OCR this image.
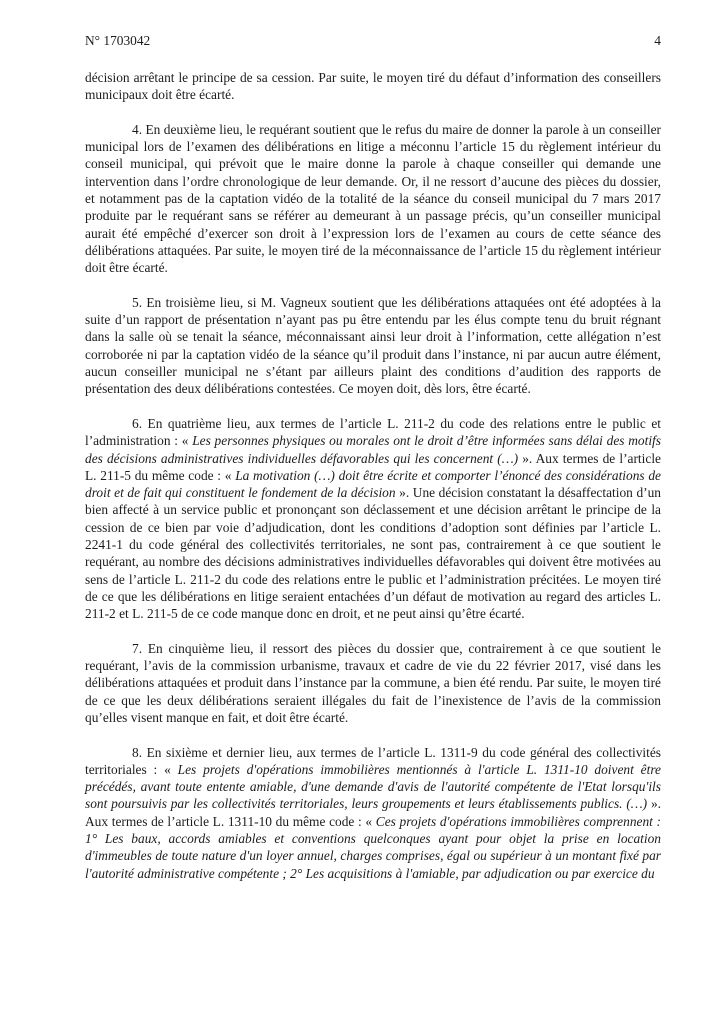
N° 1703042	4

décision arrêtant le principe de sa cession. Par suite, le moyen tiré du défaut d’information des conseillers municipaux doit être écarté.

4. En deuxième lieu, le requérant soutient que le refus du maire de donner la parole à un conseiller municipal lors de l’examen des délibérations en litige a méconnu l’article 15 du règlement intérieur du conseil municipal, qui prévoit que le maire donne la parole à chaque conseiller qui demande une intervention dans l’ordre chronologique de leur demande. Or, il ne ressort d’aucune des pièces du dossier, et notamment pas de la captation vidéo de la totalité de la séance du conseil municipal du 7 mars 2017 produite par le requérant sans se référer au demeurant à un passage précis, qu’un conseiller municipal aurait été empêché d’exercer son droit à l’expression lors de l’examen au cours de cette séance des délibérations attaquées. Par suite, le moyen tiré de la méconnaissance de l’article 15 du règlement intérieur doit être écarté.

5. En troisième lieu, si M. Vagneux soutient que les délibérations attaquées ont été adoptées à la suite d’un rapport de présentation n’ayant pas pu être entendu par les élus compte tenu du bruit régnant dans la salle où se tenait la séance, méconnaissant ainsi leur droit à l’information, cette allégation n’est corroborée ni par la captation vidéo de la séance qu’il produit dans l’instance, ni par aucun autre élément, aucun conseiller municipal ne s’étant par ailleurs plaint des conditions d’audition des rapports de présentation des deux délibérations contestées. Ce moyen doit, dès lors, être écarté.

6. En quatrième lieu, aux termes de l’article L. 211-2 du code des relations entre le public et l’administration : « Les personnes physiques ou morales ont le droit d’être informées sans délai des motifs des décisions administratives individuelles défavorables qui les concernent (…) ». Aux termes de l’article L. 211-5 du même code : « La motivation (…) doit être écrite et comporter l’énoncé des considérations de droit et de fait qui constituent le fondement de la décision ». Une décision constatant la désaffectation d’un bien affecté à un service public et prononçant son déclassement et une décision arrêtant le principe de la cession de ce bien par voie d’adjudication, dont les conditions d’adoption sont définies par l’article L. 2241-1 du code général des collectivités territoriales, ne sont pas, contrairement à ce que soutient le requérant, au nombre des décisions administratives individuelles défavorables qui doivent être motivées au sens de l’article L. 211-2 du code des relations entre le public et l’administration précitées. Le moyen tiré de ce que les délibérations en litige seraient entachées d’un défaut de motivation au regard des articles L. 211-2 et L. 211-5 de ce code manque donc en droit, et ne peut ainsi qu’être écarté.

7. En cinquième lieu, il ressort des pièces du dossier que, contrairement à ce que soutient le requérant, l’avis de la commission urbanisme, travaux et cadre de vie du 22 février 2017, visé dans les délibérations attaquées et produit dans l’instance par la commune, a bien été rendu. Par suite, le moyen tiré de ce que les deux délibérations seraient illégales du fait de l’inexistence de l’avis de la commission qu’elles visent manque en fait, et doit être écarté.

8. En sixième et dernier lieu, aux termes de l’article L. 1311-9 du code général des collectivités territoriales : « Les projets d'opérations immobilières mentionnés à l'article L. 1311-10 doivent être précédés, avant toute entente amiable, d'une demande d'avis de l'autorité compétente de l'Etat lorsqu'ils sont poursuivis par les collectivités territoriales, leurs groupements et leurs établissements publics. (…) ». Aux termes de l’article L. 1311-10 du même code : « Ces projets d'opérations immobilières comprennent : 1° Les baux, accords amiables et conventions quelconques ayant pour objet la prise en location d'immeubles de toute nature d'un loyer annuel, charges comprises, égal ou supérieur à un montant fixé par l'autorité administrative compétente ; 2° Les acquisitions à l'amiable, par adjudication ou par exercice du
